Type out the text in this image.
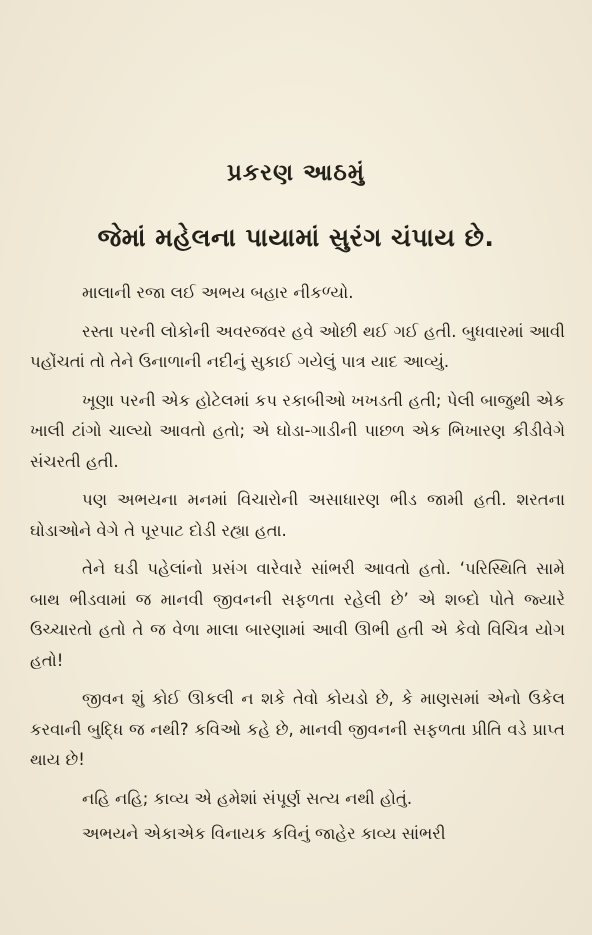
પ્રકરણ આઠમું
જેમાં મહેલના પાયામાં સુરંગ ચંપાય છે.

માલાની રજા લઈ અભય બહાર નીકળ્યો.

રસ્તા પરની લોકોની અવરજવર હવે ઓછી થઈ ગઈ હતી. બુધવારમાં આવી પહોંચતાં તો તેને ઉનાળાની નદીનું સુકાઈ ગયેલું પાત્ર યાદ આવ્યું.

ખૂણા પરની એક હોટેલમાં કપ રકાબીઓ ખખડતી હતી; પેલી બાજુથી એક ખાલી ટાંગો ચાલ્યો આવતો હતો; એ ઘોડા-ગાડીની પાછળ એક ભિખારણ કીડીવેગે સંચરતી હતી.

પણ અભયના મનમાં વિચારોની અસાધારણ ભીડ જામી હતી. શરતના ઘોડાઓને વેગે તે પૂરપાટ દોડી રહ્યા હતા.

તેને ઘડી પહેલાંનો પ્રસંગ વારેવારે સાંભરી આવતો હતો. ‘પરિસ્થિતિ સામે બાથ ભીડવામાં જ માનવી જીવનની સફળતા રહેલી છે’ એ શબ્દો પોતે જ્યારે ઉચ્ચારતો હતો તે જ વેળા માલા બારણામાં આવી ઊભી હતી એ કેવો વિચિત્ર યોગ હતો!

જીવન શું કોઈ ઊકલી ન શકે તેવો કોયડો છે, કે માણસમાં એનો ઉકેલ કરવાની બુદ્ધિ જ નથી? કવિઓ કહે છે, માનવી જીવનની સફળતા પ્રીતિ વડે પ્રાપ્ત થાય છે!

નહિ નહિ; કાવ્ય એ હમેશાં સંપૂર્ણ સત્ય નથી હોતું.

અભયને એકાએક વિનાયક કવિનું જાહેર કાવ્ય સાંભરી
